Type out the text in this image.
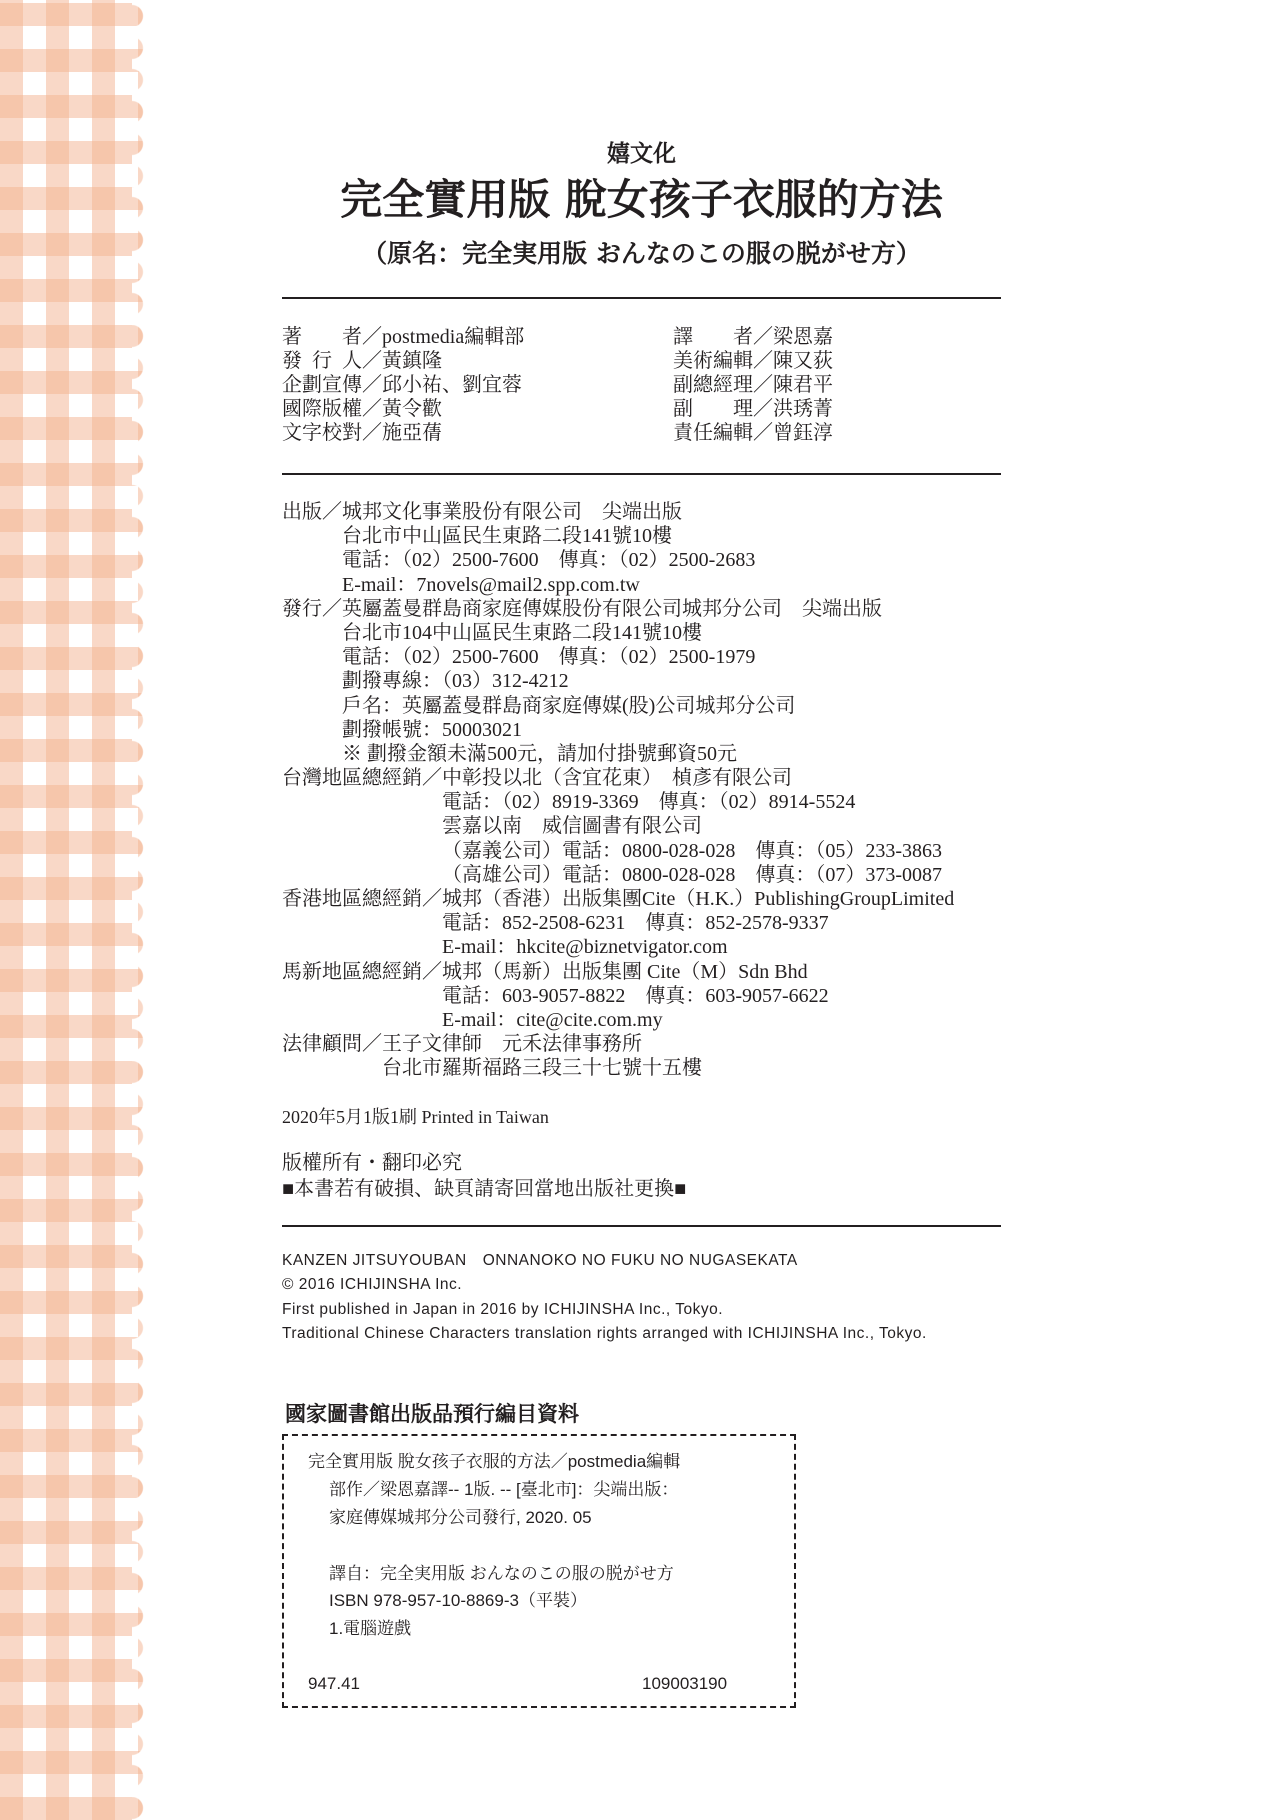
嬉文化
完全實用版 脫女孩子衣服的方法
（原名：完全実用版 おんなのこの服の脱がせ方）
著　　者／postmedia編輯部
發 行 人／黃鎮隆
企劃宣傳／邱小祐、劉宜蓉
國際版權／黃令歡
文字校對／施亞蒨
譯　　者／梁恩嘉
美術編輯／陳又荻
副總經理／陳君平
副　　理／洪琇菁
責任編輯／曾鈺淳
出版／城邦文化事業股份有限公司　尖端出版
台北市中山區民生東路二段141號10樓
電話：（02）2500-7600　傳真：（02）2500-2683
E-mail：7novels@mail2.spp.com.tw
發行／英屬蓋曼群島商家庭傳媒股份有限公司城邦分公司　尖端出版
台北市104中山區民生東路二段141號10樓
電話：（02）2500-7600　傳真：（02）2500-1979
劃撥專線：（03）312-4212
戶名：英屬蓋曼群島商家庭傳媒(股)公司城邦分公司
劃撥帳號：50003021
※ 劃撥金額未滿500元，請加付掛號郵資50元
台灣地區總經銷／中彰投以北（含宜花東）　楨彥有限公司
電話：（02）8919-3369　傳真：（02）8914-5524
雲嘉以南　威信圖書有限公司
（嘉義公司）電話：0800-028-028　傳真：（05）233-3863
（高雄公司）電話：0800-028-028　傳真：（07）373-0087
香港地區總經銷／城邦（香港）出版集團Cite（H.K.）PublishingGroupLimited
電話：852-2508-6231　傳真：852-2578-9337
E-mail：hkcite@biznetvigator.com
馬新地區總經銷／城邦（馬新）出版集團 Cite（M）Sdn Bhd
電話：603-9057-8822　傳真：603-9057-6622
E-mail：cite@cite.com.my
法律顧問／王子文律師　元禾法律事務所
台北市羅斯福路三段三十七號十五樓
2020年5月1版1刷 Printed in Taiwan
版權所有・翻印必究
■本書若有破損、缺頁請寄回當地出版社更換■
KANZEN JITSUYOUBAN　ONNANOKO NO FUKU NO NUGASEKATA
© 2016 ICHIJINSHA Inc.
First published in Japan in 2016 by ICHIJINSHA Inc., Tokyo.
Traditional Chinese Characters translation rights arranged with ICHIJINSHA Inc., Tokyo.
國家圖書館出版品預行編目資料
完全實用版 脫女孩子衣服的方法／postmedia編輯
部作／梁恩嘉譯-- 1版. -- [臺北市]：尖端出版：
家庭傳媒城邦分公司發行, 2020. 05
譯自：完全実用版 おんなのこの服の脱がせ方
ISBN 978-957-10-8869-3（平裝）
1.電腦遊戲
947.41	109003190
